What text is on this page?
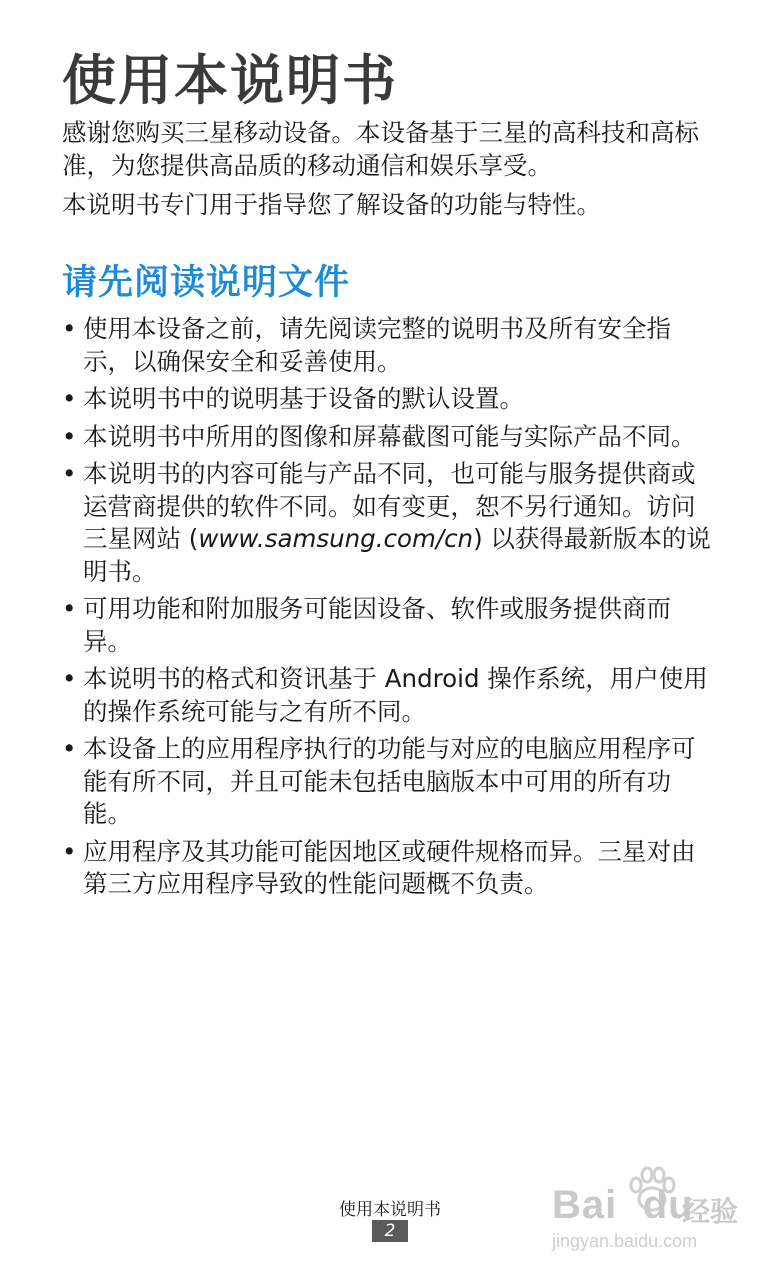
使用本说明书

感谢您购买三星移动设备。本设备基于三星的高科技和高标准，为您提供高品质的移动通信和娱乐享受。

本说明书专门用于指导您了解设备的功能与特性。

请先阅读说明文件
• 使用本设备之前，请先阅读完整的说明书及所有安全指示，以确保安全和妥善使用。
• 本说明书中的说明基于设备的默认设置。
• 本说明书中所用的图像和屏幕截图可能与实际产品不同。
• 本说明书的内容可能与产品不同，也可能与服务提供商或运营商提供的软件不同。如有变更，恕不另行通知。访问三星网站 (www.samsung.com/cn) 以获得最新版本的说明书。
• 可用功能和附加服务可能因设备、软件或服务提供商而异。
• 本说明书的格式和资讯基于 Android 操作系统，用户使用的操作系统可能与之有所不同。
• 本设备上的应用程序执行的功能与对应的电脑应用程序可能有所不同，并且可能未包括电脑版本中可用的所有功能。
• 应用程序及其功能可能因地区或硬件规格而异。三星对由第三方应用程序导致的性能问题概不负责。
使用本说明书
2
Bai du
经验
jingyan.baidu.com
